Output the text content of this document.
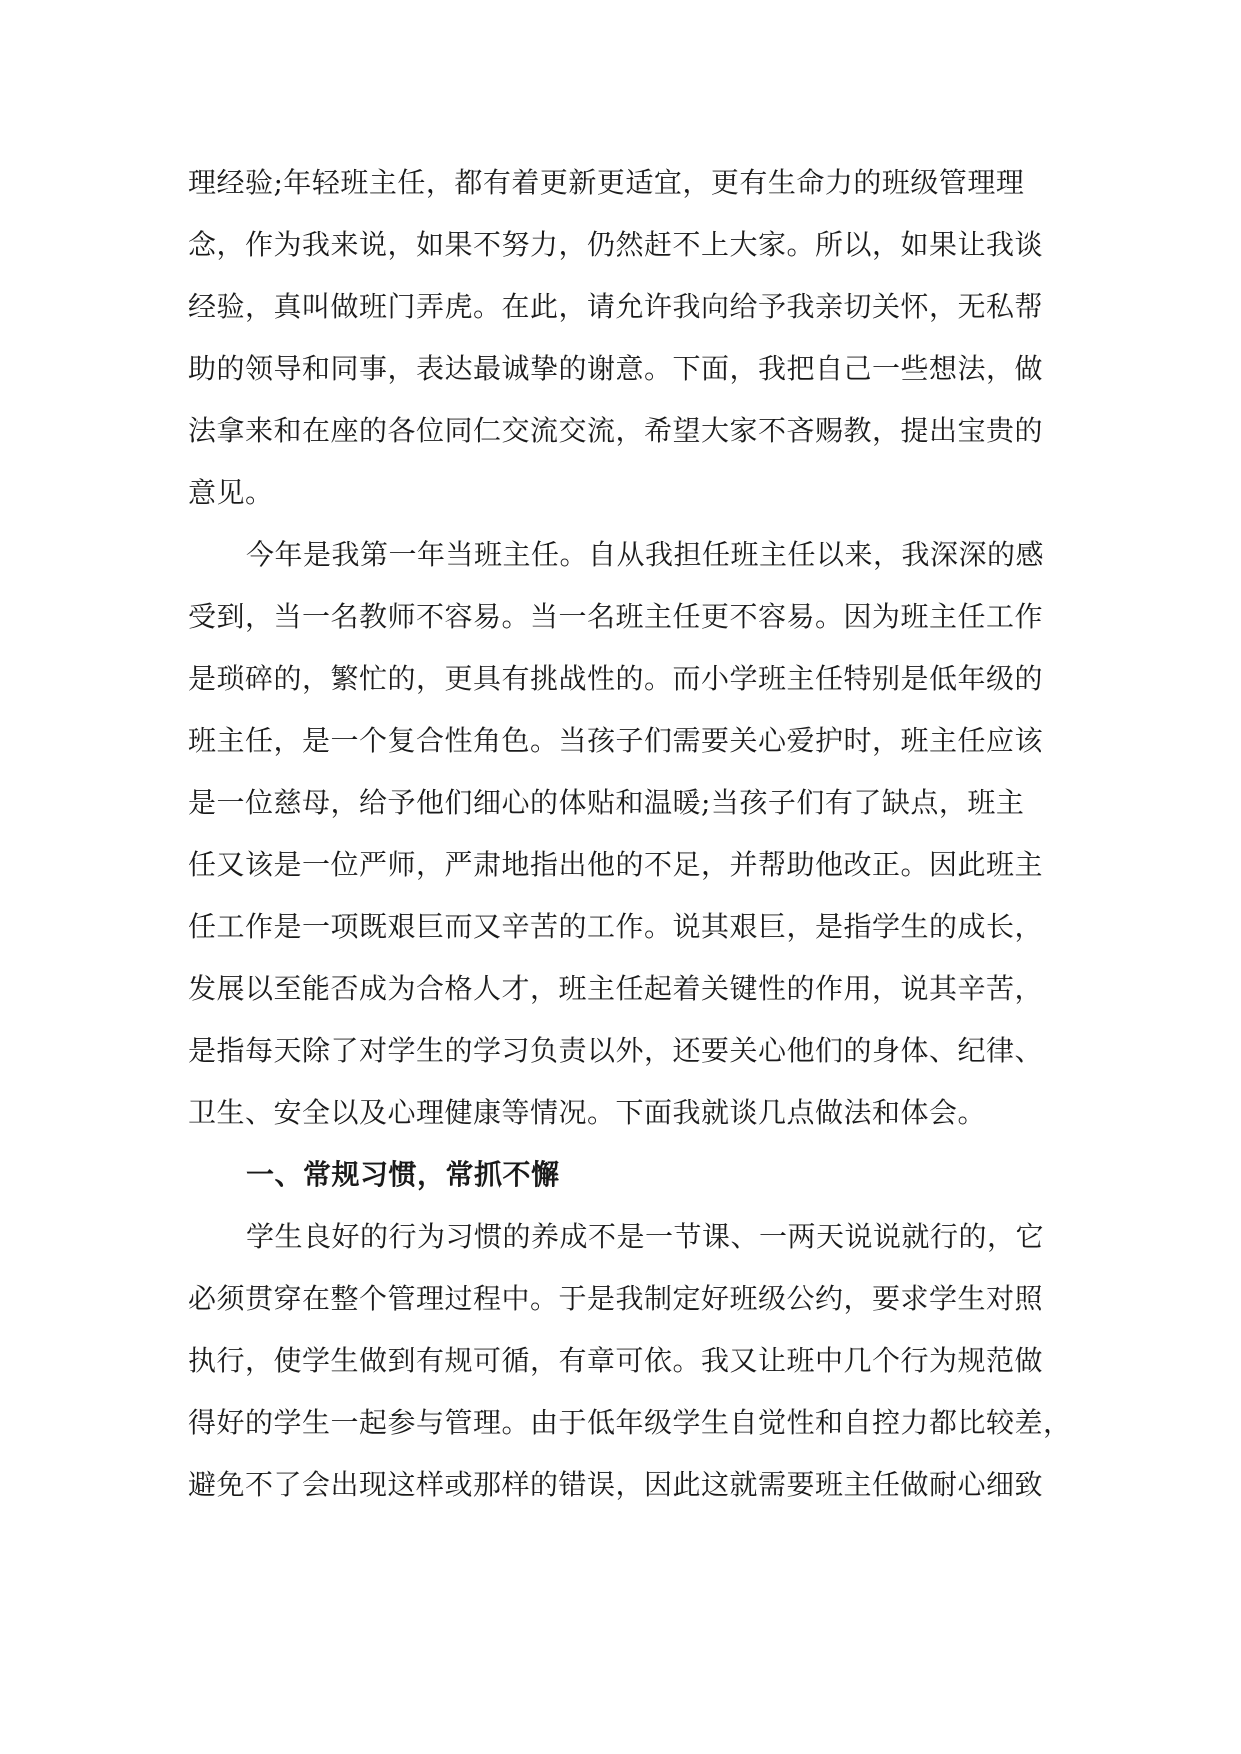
理经验;年轻班主任，都有着更新更适宜，更有生命力的班级管理理
念，作为我来说，如果不努力，仍然赶不上大家。所以，如果让我谈
经验，真叫做班门弄虎。在此，请允许我向给予我亲切关怀，无私帮
助的领导和同事，表达最诚挚的谢意。下面，我把自己一些想法，做
法拿来和在座的各位同仁交流交流，希望大家不吝赐教，提出宝贵的
意见。
今年是我第一年当班主任。自从我担任班主任以来，我深深的感
受到，当一名教师不容易。当一名班主任更不容易。因为班主任工作
是琐碎的，繁忙的，更具有挑战性的。而小学班主任特别是低年级的
班主任，是一个复合性角色。当孩子们需要关心爱护时，班主任应该
是一位慈母，给予他们细心的体贴和温暖;当孩子们有了缺点，班主
任又该是一位严师，严肃地指出他的不足，并帮助他改正。因此班主
任工作是一项既艰巨而又辛苦的工作。说其艰巨，是指学生的成长，
发展以至能否成为合格人才，班主任起着关键性的作用，说其辛苦，
是指每天除了对学生的学习负责以外，还要关心他们的身体、纪律、
卫生、安全以及心理健康等情况。下面我就谈几点做法和体会。
一、常规习惯，常抓不懈
学生良好的行为习惯的养成不是一节课、一两天说说就行的，它
必须贯穿在整个管理过程中。于是我制定好班级公约，要求学生对照
执行，使学生做到有规可循，有章可依。我又让班中几个行为规范做
得好的学生一起参与管理。由于低年级学生自觉性和自控力都比较差，
避免不了会出现这样或那样的错误，因此这就需要班主任做耐心细致
